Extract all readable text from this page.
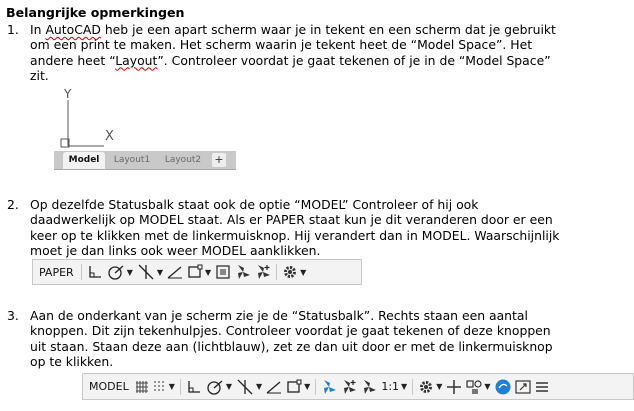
Belangrijke opmerkingen
1. In AutoCAD heb je een apart scherm waar je in tekent en een scherm dat je gebruikt
om een print te maken. Het scherm waarin je tekent heet de “Model Space”. Het
andere heet “Layout”. Controleer voordat je gaat tekenen of je in de “Model Space”
zit.
Y
X
Model	Layout1	Layout2	+
2. Op dezelfde Statusbalk staat ook de optie “MODEL” Controleer of hij ook
daadwerkelijk op MODEL staat. Als er PAPER staat kun je dit veranderen door er een
keer op te klikken met de linkermuisknop. Hij verandert dan in MODEL. Waarschijnlijk
moet je dan links ook weer MODEL aanklikken.
PAPER	▼	▼	▼	▼
3. Aan de onderkant van je scherm zie je de “Statusbalk”. Rechts staan een aantal
knoppen. Dit zijn tekenhulpjes. Controleer voordat je gaat tekenen of deze knoppen
uit staan. Staan deze aan (lichtblauw), zet ze dan uit door er met de linkermuisknop
op te klikken.
MODEL	▼	▼	▼	▼	1:1 ▼	▼	▼
